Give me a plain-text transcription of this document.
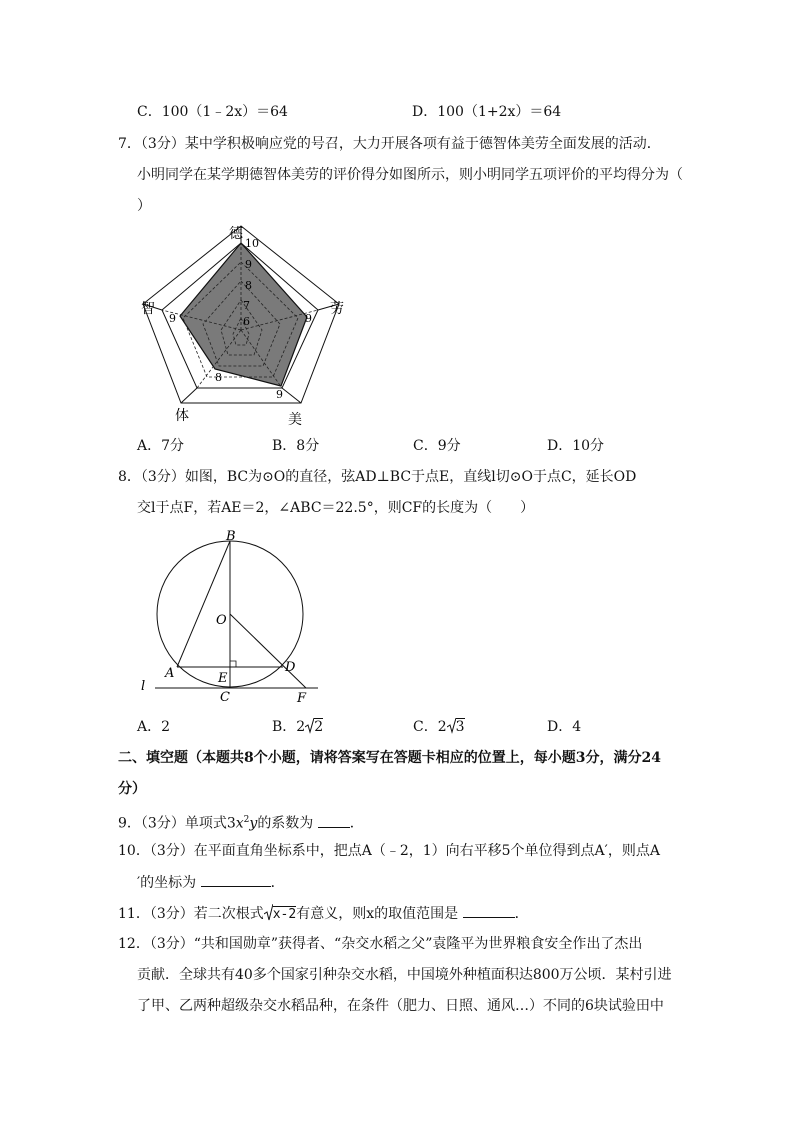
C．100（1﹣2x）＝64	D．100（1+2x）＝64
7．（3分）某中学积极响应党的号召，大力开展各项有益于德智体美劳全面发展的活动．
小明同学在某学期德智体美劳的评价得分如图所示，则小明同学五项评价的平均得分为（
）
德
智	劳
体	美
10
9
8
7
6
9	9
8
9
A．7分	B．8分	C．9分	D．10分
8．（3分）如图，BC为⊙O的直径，弦AD⊥BC于点E，直线l切⊙O于点C，延长OD
交l于点F，若AE＝2，∠ABC＝22.5°，则CF的长度为（　　）
B
O
A	E
C
D
F
l
A．2	B．2 2	C．2 3	D．4
二、填空题（本题共8个小题，请将答案写在答题卡相应的位置上，每小题3分，满分24
分）
9．（3分）单项式$3x^2y$的系数为	．
10．（3分）在平面直角坐标系中，把点A（﹣2，1）向右平移5个单位得到点A′，则点A
′的坐标为	．
11．（3分）若二次根式 x-2有意义，则x的取值范围是	．
12．（3分）“共和国勋章”获得者、“杂交水稻之父”袁隆平为世界粮食安全作出了杰出
贡献．全球共有40多个国家引种杂交水稻，中国境外种植面积达800万公顷．某村引进
了甲、乙两种超级杂交水稻品种，在条件（肥力、日照、通风…）不同的6块试验田中
